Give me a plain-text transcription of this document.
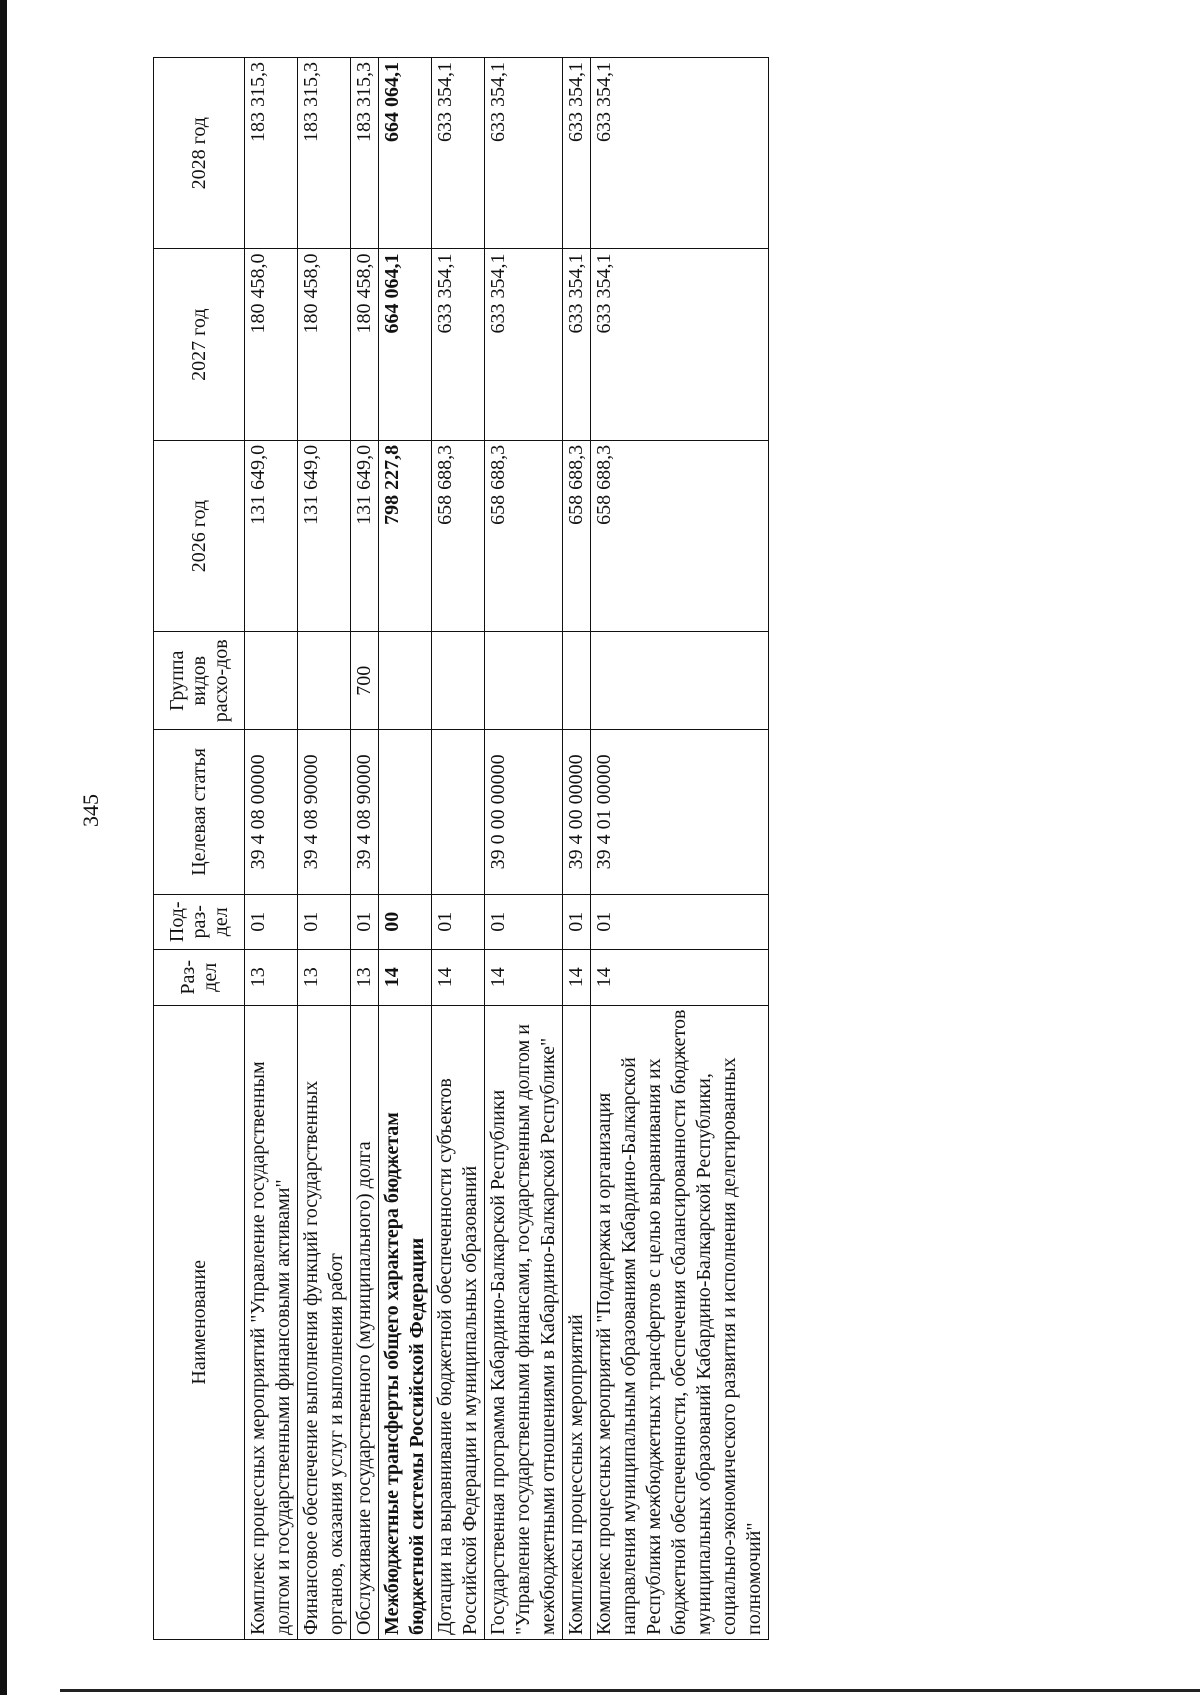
345
Наименование	Раз-дел	Под-раз-дел	Целевая статья	Группа видов расхо-дов	2026 год	2027 год	2028 год
Комплекс процессных мероприятий "Управление государственным долгом и государственными финансовыми активами"	13	01	39 4 08 00000		131 649,0	180 458,0	183 315,3
Финансовое обеспечение выполнения функций государственных органов, оказания услуг и выполнения работ	13	01	39 4 08 90000		131 649,0	180 458,0	183 315,3
Обслуживание государственного (муниципального) долга	13	01	39 4 08 90000	700	131 649,0	180 458,0	183 315,3
Межбюджетные трансферты общего характера бюджетам бюджетной системы Российской Федерации	14	00			798 227,8	664 064,1	664 064,1
Дотации на выравнивание бюджетной обеспеченности субъектов Российской Федерации и муниципальных образований	14	01			658 688,3	633 354,1	633 354,1
Государственная программа Кабардино-Балкарской Республики "Управление государственными финансами, государственным долгом и межбюджетными отношениями в Кабардино-Балкарской Республике"	14	01	39 0 00 00000		658 688,3	633 354,1	633 354,1
Комплексы процессных мероприятий	14	01	39 4 00 00000		658 688,3	633 354,1	633 354,1
Комплекс процессных мероприятий "Поддержка и организация направления муниципальным образованиям Кабардино-Балкарской Республики межбюджетных трансфертов с целью выравнивания их бюджетной обеспеченности, обеспечения сбалансированности бюджетов муниципальных образований Кабардино-Балкарской Республики, социально-экономического развития и исполнения делегированных полномочий"	14	01	39 4 01 00000		658 688,3	633 354,1	633 354,1
